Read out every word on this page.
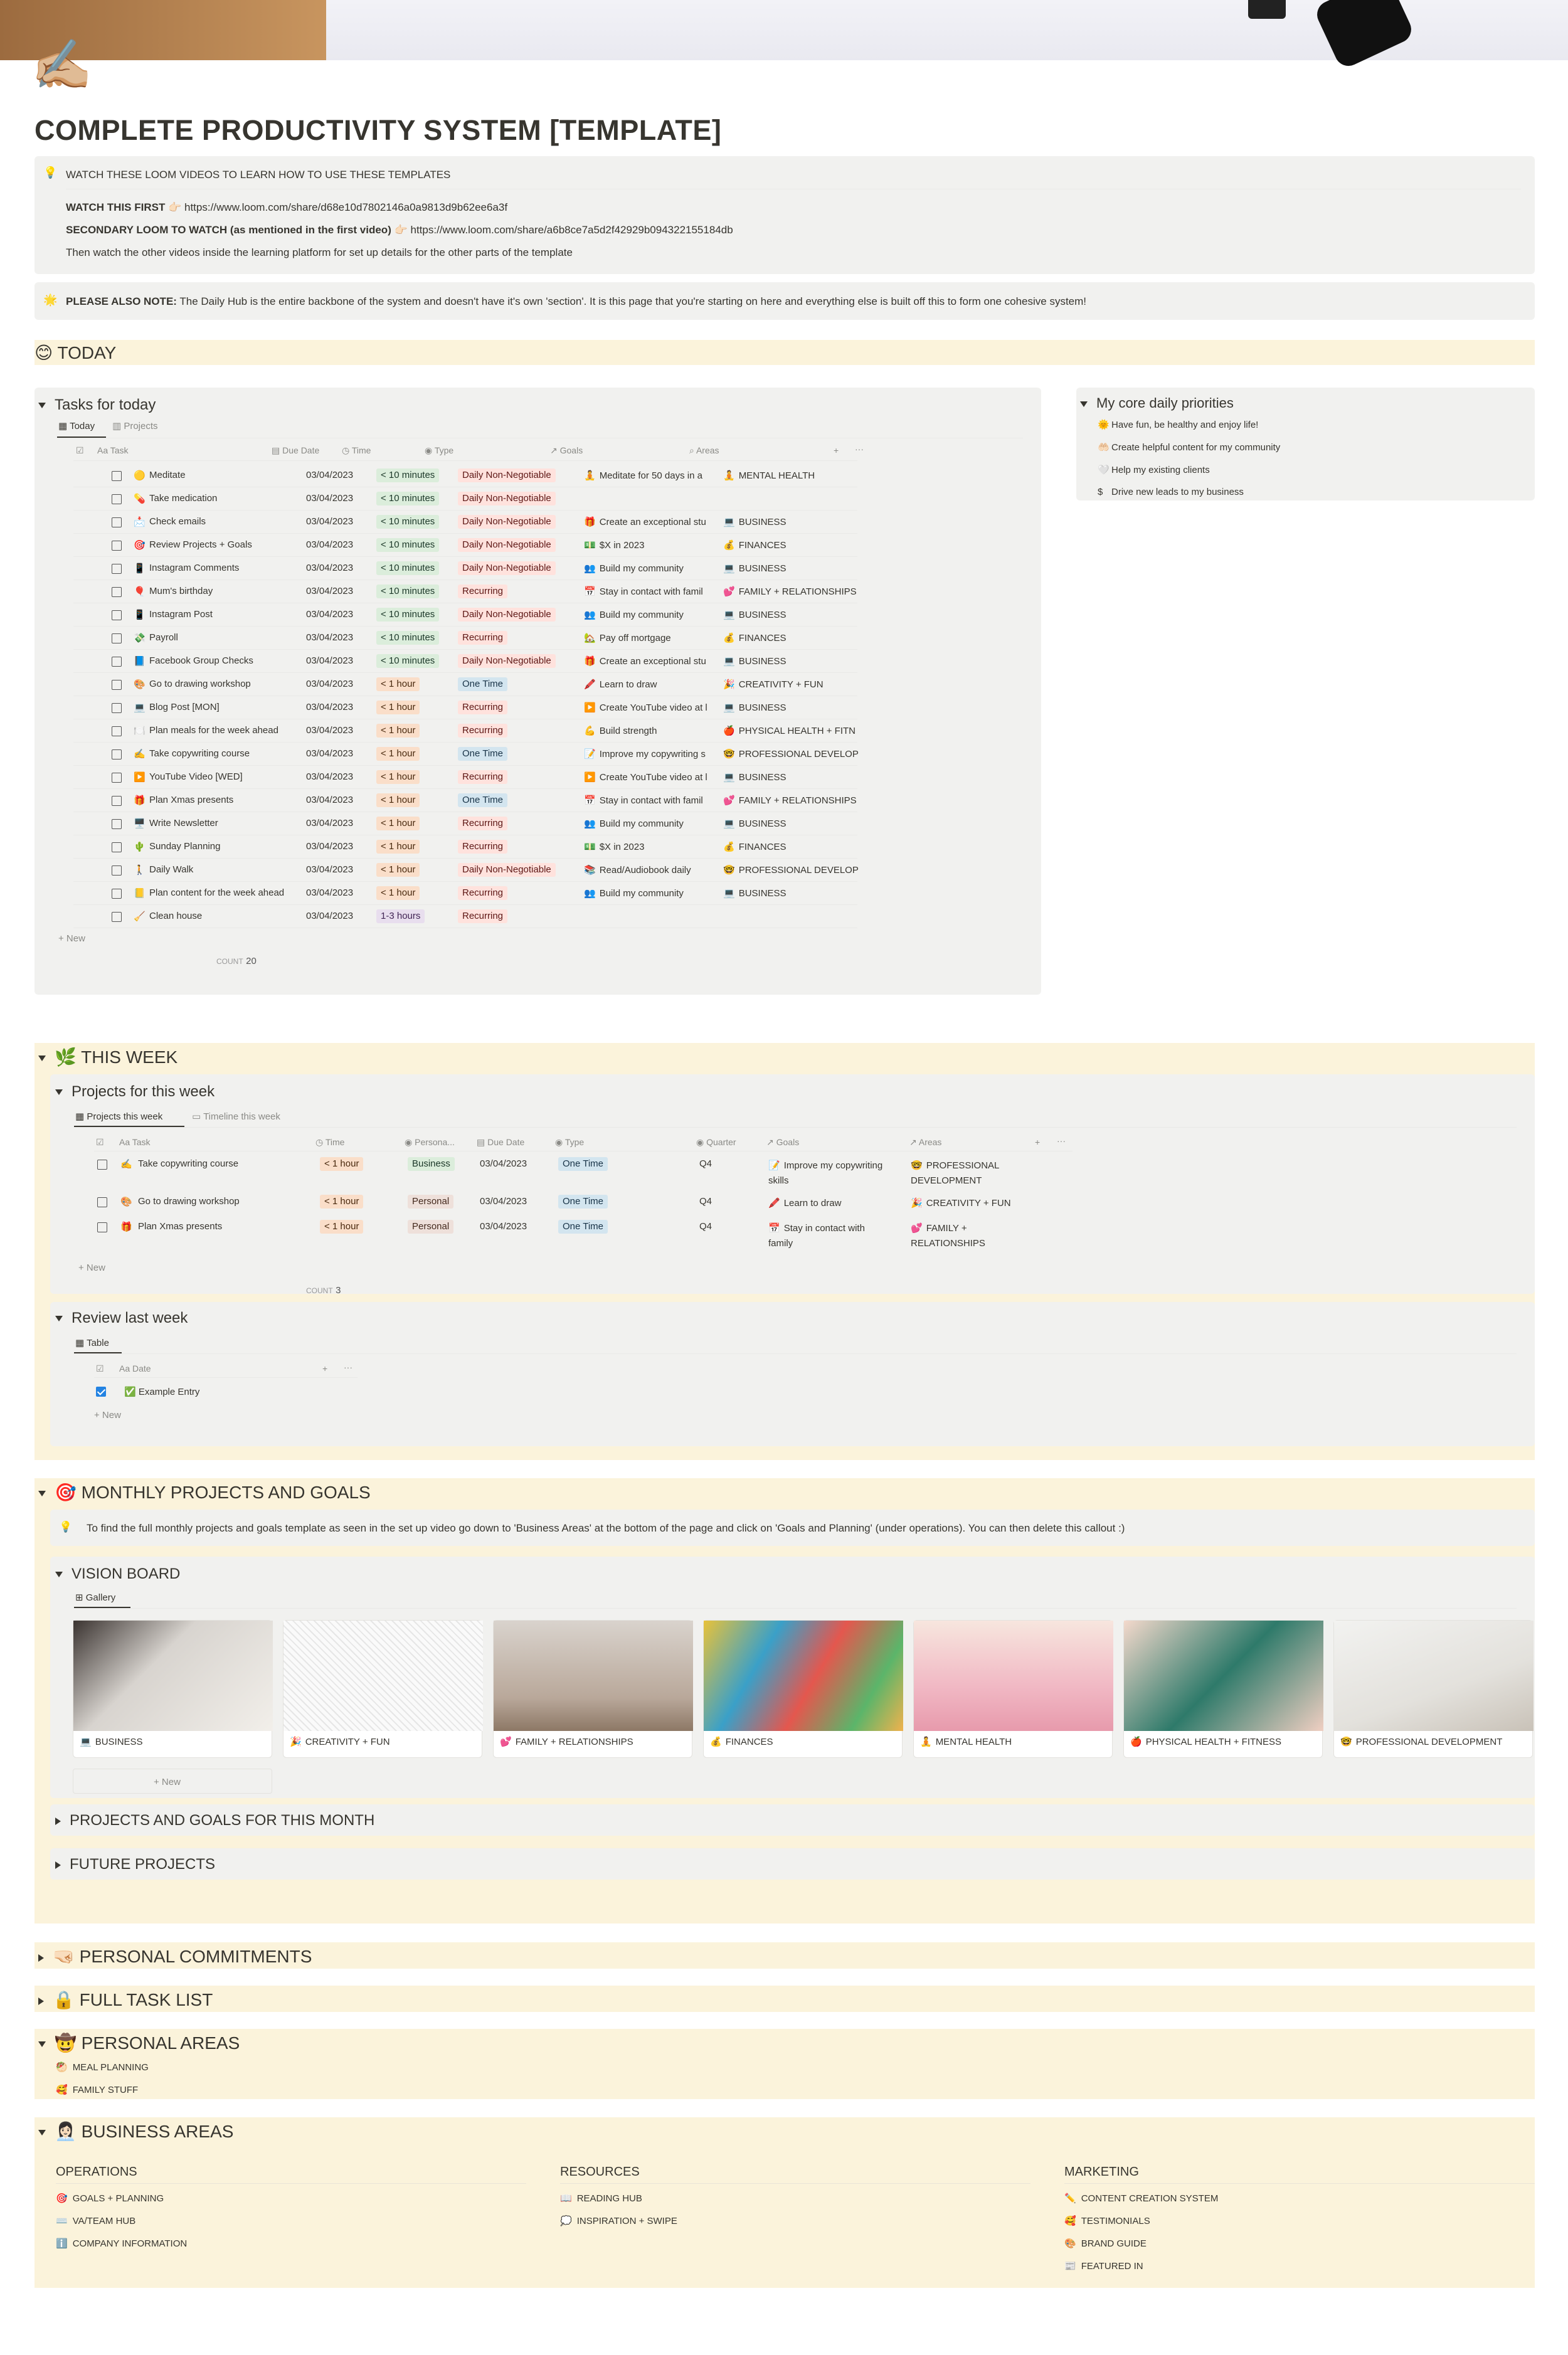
✍🏼
COMPLETE PRODUCTIVITY SYSTEM [TEMPLATE]
💡 WATCH THESE LOOM VIDEOS TO LEARN HOW TO USE THESE TEMPLATES
WATCH THIS FIRST 👉🏻 https://www.loom.com/share/d68e10d7802146a0a9813d9b62ee6a3f
SECONDARY LOOM TO WATCH (as mentioned in the first video) 👉🏻 https://www.loom.com/share/a6b8ce7a5d2f42929b094322155184db
Then watch the other videos inside the learning platform for set up details for the other parts of the template
🌟 PLEASE ALSO NOTE: The Daily Hub is the entire backbone of the system and doesn't have it's own 'section'. It is this page that you're starting on here and everything else is built off this to form one cohesive system!
😊 TODAY
Tasks for today
▦ Today ▥ Projects
☑ Aa Task	▤ Due Date	◷ Time	◉ Type	↗ Goals	⌕ Areas	+ ···
+ New
COUNT 20
🟡 Meditate	03/04/2023	< 10 minutes	Daily Non-Negotiable	🧘 Meditate for 50 days in a	🧘 MENTAL HEALTH
💊 Take medication	03/04/2023	< 10 minutes	Daily Non-Negotiable
📩 Check emails	03/04/2023	< 10 minutes	Daily Non-Negotiable	🎁 Create an exceptional stu	💻 BUSINESS
🎯 Review Projects + Goals	03/04/2023	< 10 minutes	Daily Non-Negotiable	💵 $X in 2023	💰 FINANCES
📱 Instagram Comments	03/04/2023	< 10 minutes	Daily Non-Negotiable	👥 Build my community	💻 BUSINESS
🎈 Mum's birthday	03/04/2023	< 10 minutes	Recurring	📅 Stay in contact with famil	💕 FAMILY + RELATIONSHIPS
📱 Instagram Post	03/04/2023	< 10 minutes	Daily Non-Negotiable	👥 Build my community	💻 BUSINESS
💸 Payroll	03/04/2023	< 10 minutes	Recurring	🏡 Pay off mortgage	💰 FINANCES
📘 Facebook Group Checks	03/04/2023	< 10 minutes	Daily Non-Negotiable	🎁 Create an exceptional stu	💻 BUSINESS
🎨 Go to drawing workshop	03/04/2023	< 1 hour	One Time	🖍️ Learn to draw	🎉 CREATIVITY + FUN
💻 Blog Post [MON]	03/04/2023	< 1 hour	Recurring	▶️ Create YouTube video at l	💻 BUSINESS
🍽️ Plan meals for the week ahead	03/04/2023	< 1 hour	Recurring	💪 Build strength	🍎 PHYSICAL HEALTH + FITN
✍️ Take copywriting course	03/04/2023	< 1 hour	One Time	📝 Improve my copywriting s	🤓 PROFESSIONAL DEVELOP
▶️ YouTube Video [WED]	03/04/2023	< 1 hour	Recurring	▶️ Create YouTube video at l	💻 BUSINESS
🎁 Plan Xmas presents	03/04/2023	< 1 hour	One Time	📅 Stay in contact with famil	💕 FAMILY + RELATIONSHIPS
🖥️ Write Newsletter	03/04/2023	< 1 hour	Recurring	👥 Build my community	💻 BUSINESS
🌵 Sunday Planning	03/04/2023	< 1 hour	Recurring	💵 $X in 2023	💰 FINANCES
🚶 Daily Walk	03/04/2023	< 1 hour	Daily Non-Negotiable	📚 Read/Audiobook daily	🤓 PROFESSIONAL DEVELOP
📒 Plan content for the week ahead 03/04/2023	< 1 hour	Recurring	👥 Build my community	💻 BUSINESS
🧹 Clean house	03/04/2023	1-3 hours	Recurring
My core daily priorities
🌞 Have fun, be healthy and enjoy life!
🤲🏻 Create helpful content for my community
🤍 Help my existing clients
$ Drive new leads to my business
🌿 THIS WEEK
Projects for this week
▦ Projects this week	▭ Timeline this week
☑ Aa Task	◷ Time	◉ Persona...	▤ Due Date	◉ Type	◉ Quarter	↗ Goals	↗ Areas	+ ···
+ New
COUNT 3
✍️ Take copywriting course	< 1 hour	Business	03/04/2023	One Time	Q4	📝 Improve my copywriting
skills
🤓 PROFESSIONAL
DEVELOPMENT
🎨 Go to drawing workshop	< 1 hour	Personal	03/04/2023	One Time	Q4	🖍️ Learn to draw	🎉 CREATIVITY + FUN

🎁 Plan Xmas presents	< 1 hour	Personal	03/04/2023	One Time	Q4	📅 Stay in contact with
family
💕 FAMILY +
RELATIONSHIPS
Review last week
▦ Table
☑ Aa Date	+ ···
✅ Example Entry
+ New
🎯 MONTHLY PROJECTS AND GOALS
💡 To find the full monthly projects and goals template as seen in the set up video go down to 'Business Areas' at the bottom of the page and click on 'Goals and Planning' (under operations). You can then delete this callout :)
VISION BOARD
⊞ Gallery
+ New
💻 BUSINESS	🎉 CREATIVITY + FUN	💕 FAMILY + RELATIONSHIPS	💰 FINANCES	🧘 MENTAL HEALTH	🍎 PHYSICAL HEALTH + FITNESS	🤓 PROFESSIONAL DEVELOPMENT
PROJECTS AND GOALS FOR THIS MONTH
FUTURE PROJECTS
🤜🏻 PERSONAL COMMITMENTS
🔒 FULL TASK LIST
🤠 PERSONAL AREAS
🥙 MEAL PLANNING
🥰 FAMILY STUFF
👩🏻‍💼 BUSINESS AREAS
OPERATIONS
🎯 GOALS + PLANNING
⌨️ VA/TEAM HUB
ℹ️ COMPANY INFORMATION
RESOURCES
📖 READING HUB
💭 INSPIRATION + SWIPE
MARKETING
✏️ CONTENT CREATION SYSTEM
🥰 TESTIMONIALS
🎨 BRAND GUIDE
📰 FEATURED IN
